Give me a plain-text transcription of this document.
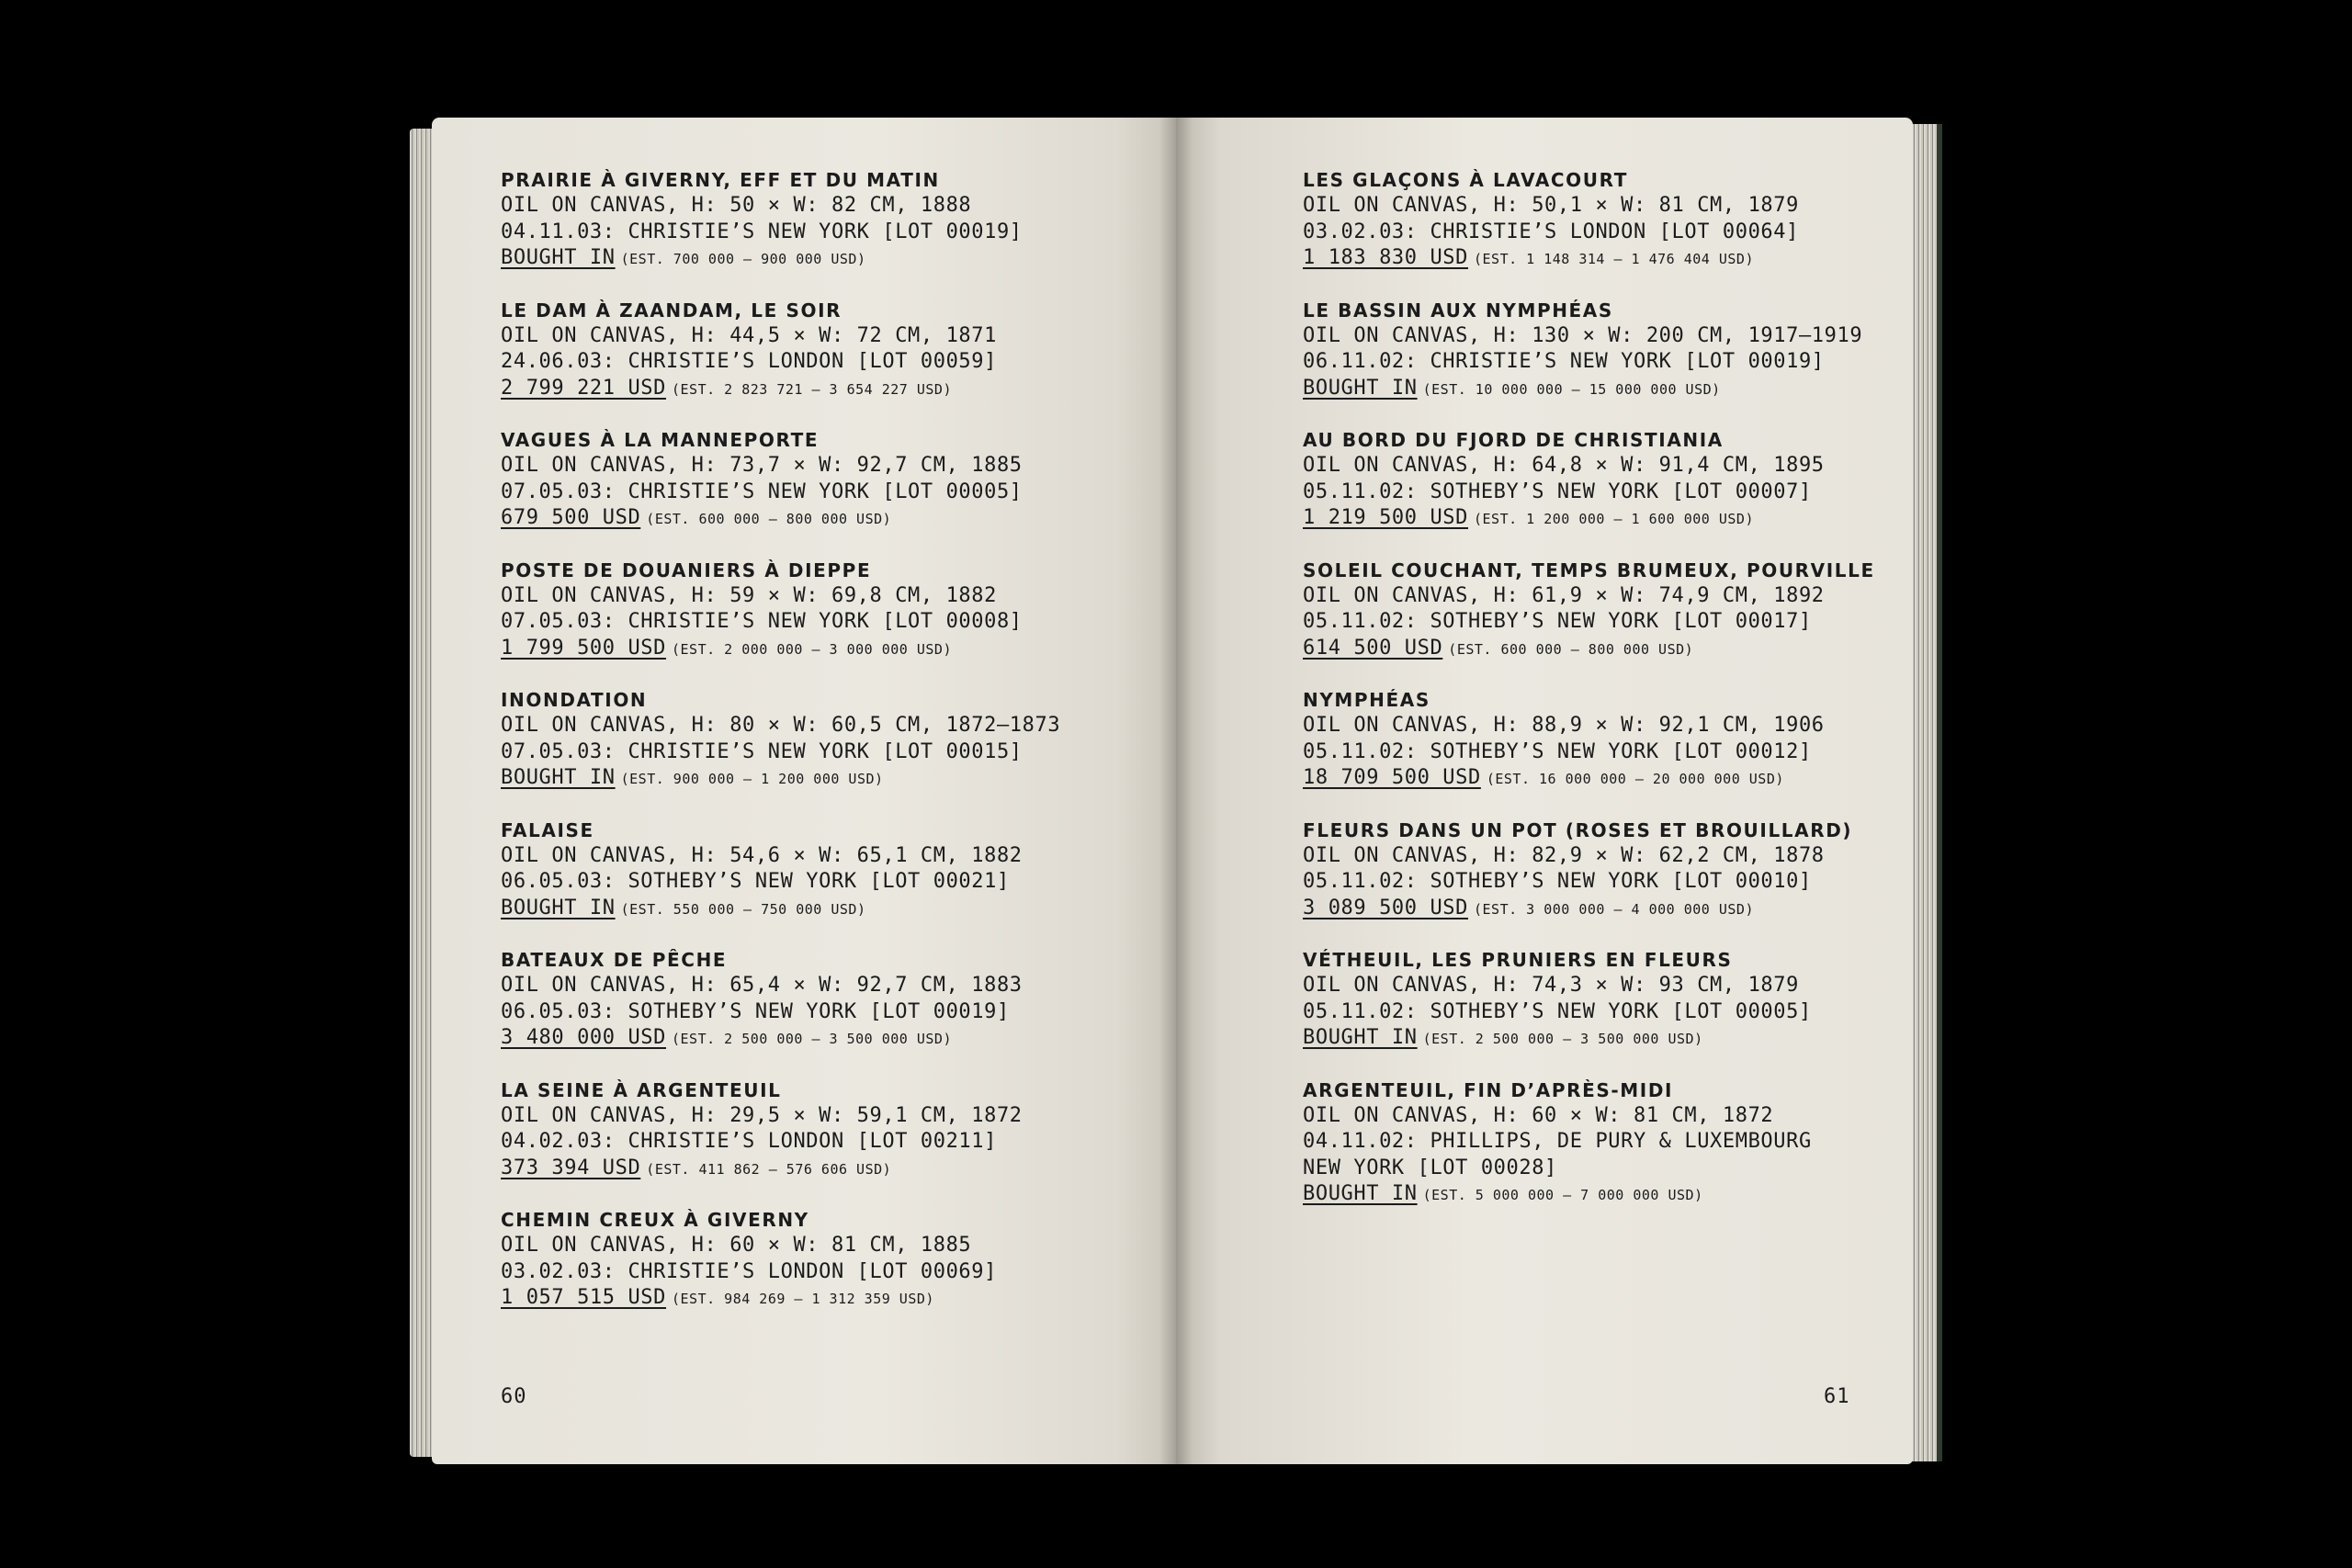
PRAIRIE À GIVERNY, EFF ET DU MATIN
OIL ON CANVAS, H: 50 × W: 82 CM, 1888
04.11.03: CHRISTIE’S NEW YORK [LOT 00019]
BOUGHT IN (EST. 700 000 – 900 000 USD)
LE DAM À ZAANDAM, LE SOIR
OIL ON CANVAS, H: 44,5 × W: 72 CM, 1871
24.06.03: CHRISTIE’S LONDON [LOT 00059]
2 799 221 USD (EST. 2 823 721 – 3 654 227 USD)
VAGUES À LA MANNEPORTE
OIL ON CANVAS, H: 73,7 × W: 92,7 CM, 1885
07.05.03: CHRISTIE’S NEW YORK [LOT 00005]
679 500 USD (EST. 600 000 – 800 000 USD)
POSTE DE DOUANIERS À DIEPPE
OIL ON CANVAS, H: 59 × W: 69,8 CM, 1882
07.05.03: CHRISTIE’S NEW YORK [LOT 00008]
1 799 500 USD (EST. 2 000 000 – 3 000 000 USD)
INONDATION
OIL ON CANVAS, H: 80 × W: 60,5 CM, 1872–1873
07.05.03: CHRISTIE’S NEW YORK [LOT 00015]
BOUGHT IN (EST. 900 000 – 1 200 000 USD)
FALAISE
OIL ON CANVAS, H: 54,6 × W: 65,1 CM, 1882
06.05.03: SOTHEBY’S NEW YORK [LOT 00021]
BOUGHT IN (EST. 550 000 – 750 000 USD)
BATEAUX DE PÊCHE
OIL ON CANVAS, H: 65,4 × W: 92,7 CM, 1883
06.05.03: SOTHEBY’S NEW YORK [LOT 00019]
3 480 000 USD (EST. 2 500 000 – 3 500 000 USD)
LA SEINE À ARGENTEUIL
OIL ON CANVAS, H: 29,5 × W: 59,1 CM, 1872
04.02.03: CHRISTIE’S LONDON [LOT 00211]
373 394 USD (EST. 411 862 – 576 606 USD)
CHEMIN CREUX À GIVERNY
OIL ON CANVAS, H: 60 × W: 81 CM, 1885
03.02.03: CHRISTIE’S LONDON [LOT 00069]
1 057 515 USD (EST. 984 269 – 1 312 359 USD)
LES GLAÇONS À LAVACOURT
OIL ON CANVAS, H: 50,1 × W: 81 CM, 1879
03.02.03: CHRISTIE’S LONDON [LOT 00064]
1 183 830 USD (EST. 1 148 314 – 1 476 404 USD)
LE BASSIN AUX NYMPHÉAS
OIL ON CANVAS, H: 130 × W: 200 CM, 1917–1919
06.11.02: CHRISTIE’S NEW YORK [LOT 00019]
BOUGHT IN (EST. 10 000 000 – 15 000 000 USD)
AU BORD DU FJORD DE CHRISTIANIA
OIL ON CANVAS, H: 64,8 × W: 91,4 CM, 1895
05.11.02: SOTHEBY’S NEW YORK [LOT 00007]
1 219 500 USD (EST. 1 200 000 – 1 600 000 USD)
SOLEIL COUCHANT, TEMPS BRUMEUX, POURVILLE
OIL ON CANVAS, H: 61,9 × W: 74,9 CM, 1892
05.11.02: SOTHEBY’S NEW YORK [LOT 00017]
614 500 USD (EST. 600 000 – 800 000 USD)
NYMPHÉAS
OIL ON CANVAS, H: 88,9 × W: 92,1 CM, 1906
05.11.02: SOTHEBY’S NEW YORK [LOT 00012]
18 709 500 USD (EST. 16 000 000 – 20 000 000 USD)
FLEURS DANS UN POT (ROSES ET BROUILLARD)
OIL ON CANVAS, H: 82,9 × W: 62,2 CM, 1878
05.11.02: SOTHEBY’S NEW YORK [LOT 00010]
3 089 500 USD (EST. 3 000 000 – 4 000 000 USD)
VÉTHEUIL, LES PRUNIERS EN FLEURS
OIL ON CANVAS, H: 74,3 × W: 93 CM, 1879
05.11.02: SOTHEBY’S NEW YORK [LOT 00005]
BOUGHT IN (EST. 2 500 000 – 3 500 000 USD)
ARGENTEUIL, FIN D’APRÈS-MIDI
OIL ON CANVAS, H: 60 × W: 81 CM, 1872
04.11.02: PHILLIPS, DE PURY & LUXEMBOURG
NEW YORK [LOT 00028]
BOUGHT IN (EST. 5 000 000 – 7 000 000 USD)
60	61
